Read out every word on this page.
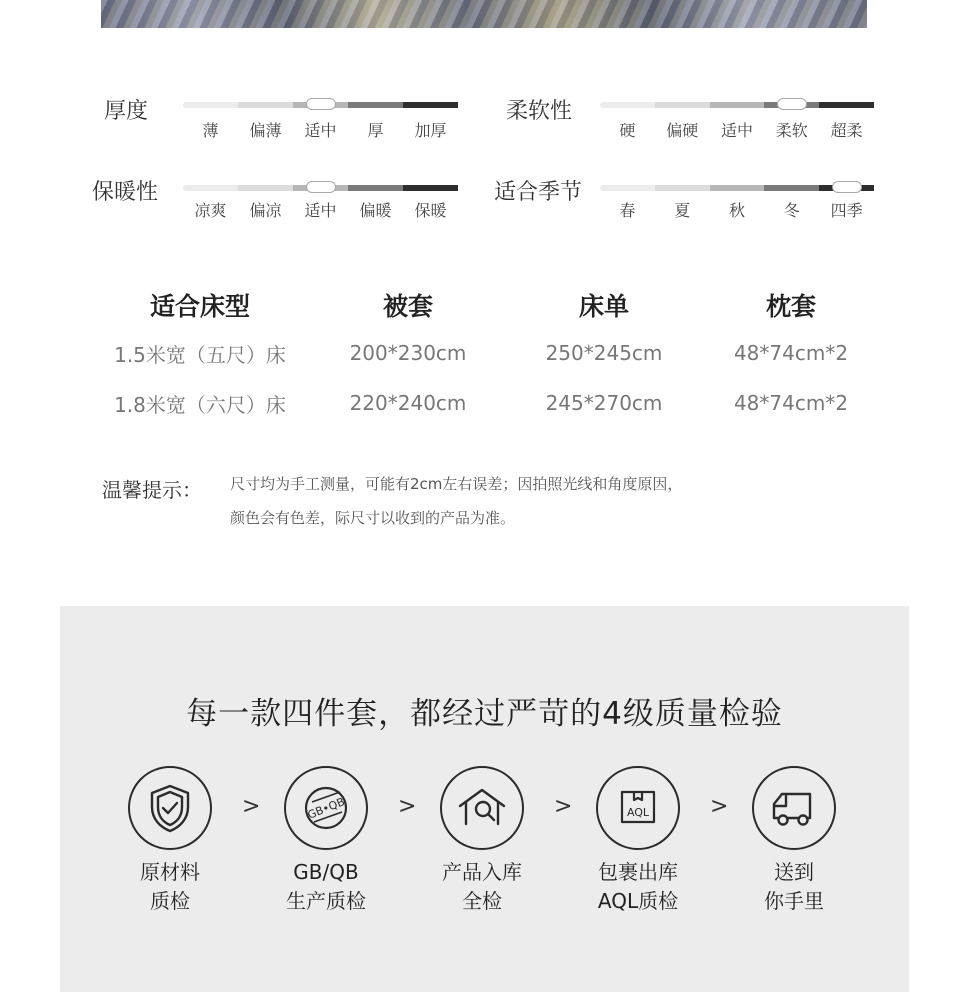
厚度
薄	偏薄	适中	厚	加厚
柔软性
硬	偏硬	适中	柔软	超柔
保暖性
凉爽	偏凉	适中	偏暖	保暖
适合季节
春	夏	秋	冬	四季
适合床型	被套	床单	枕套
1.5米宽（五尺）床	200*230cm	250*245cm	48*74cm*2
1.8米宽（六尺）床	220*240cm	245*270cm	48*74cm*2
温馨提示： 尺寸均为手工测量，可能有2cm左右误差；因拍照光线和角度原因，
颜色会有色差，际尺寸以收到的产品为准。
每一款四件套，都经过严苛的4级质量检验
原材料
质检
>	GB•QB
GB/QB
生产质检
>
产品入库
全检
>	AQL
包裹出库
AQL质检
>
送到
你手里
